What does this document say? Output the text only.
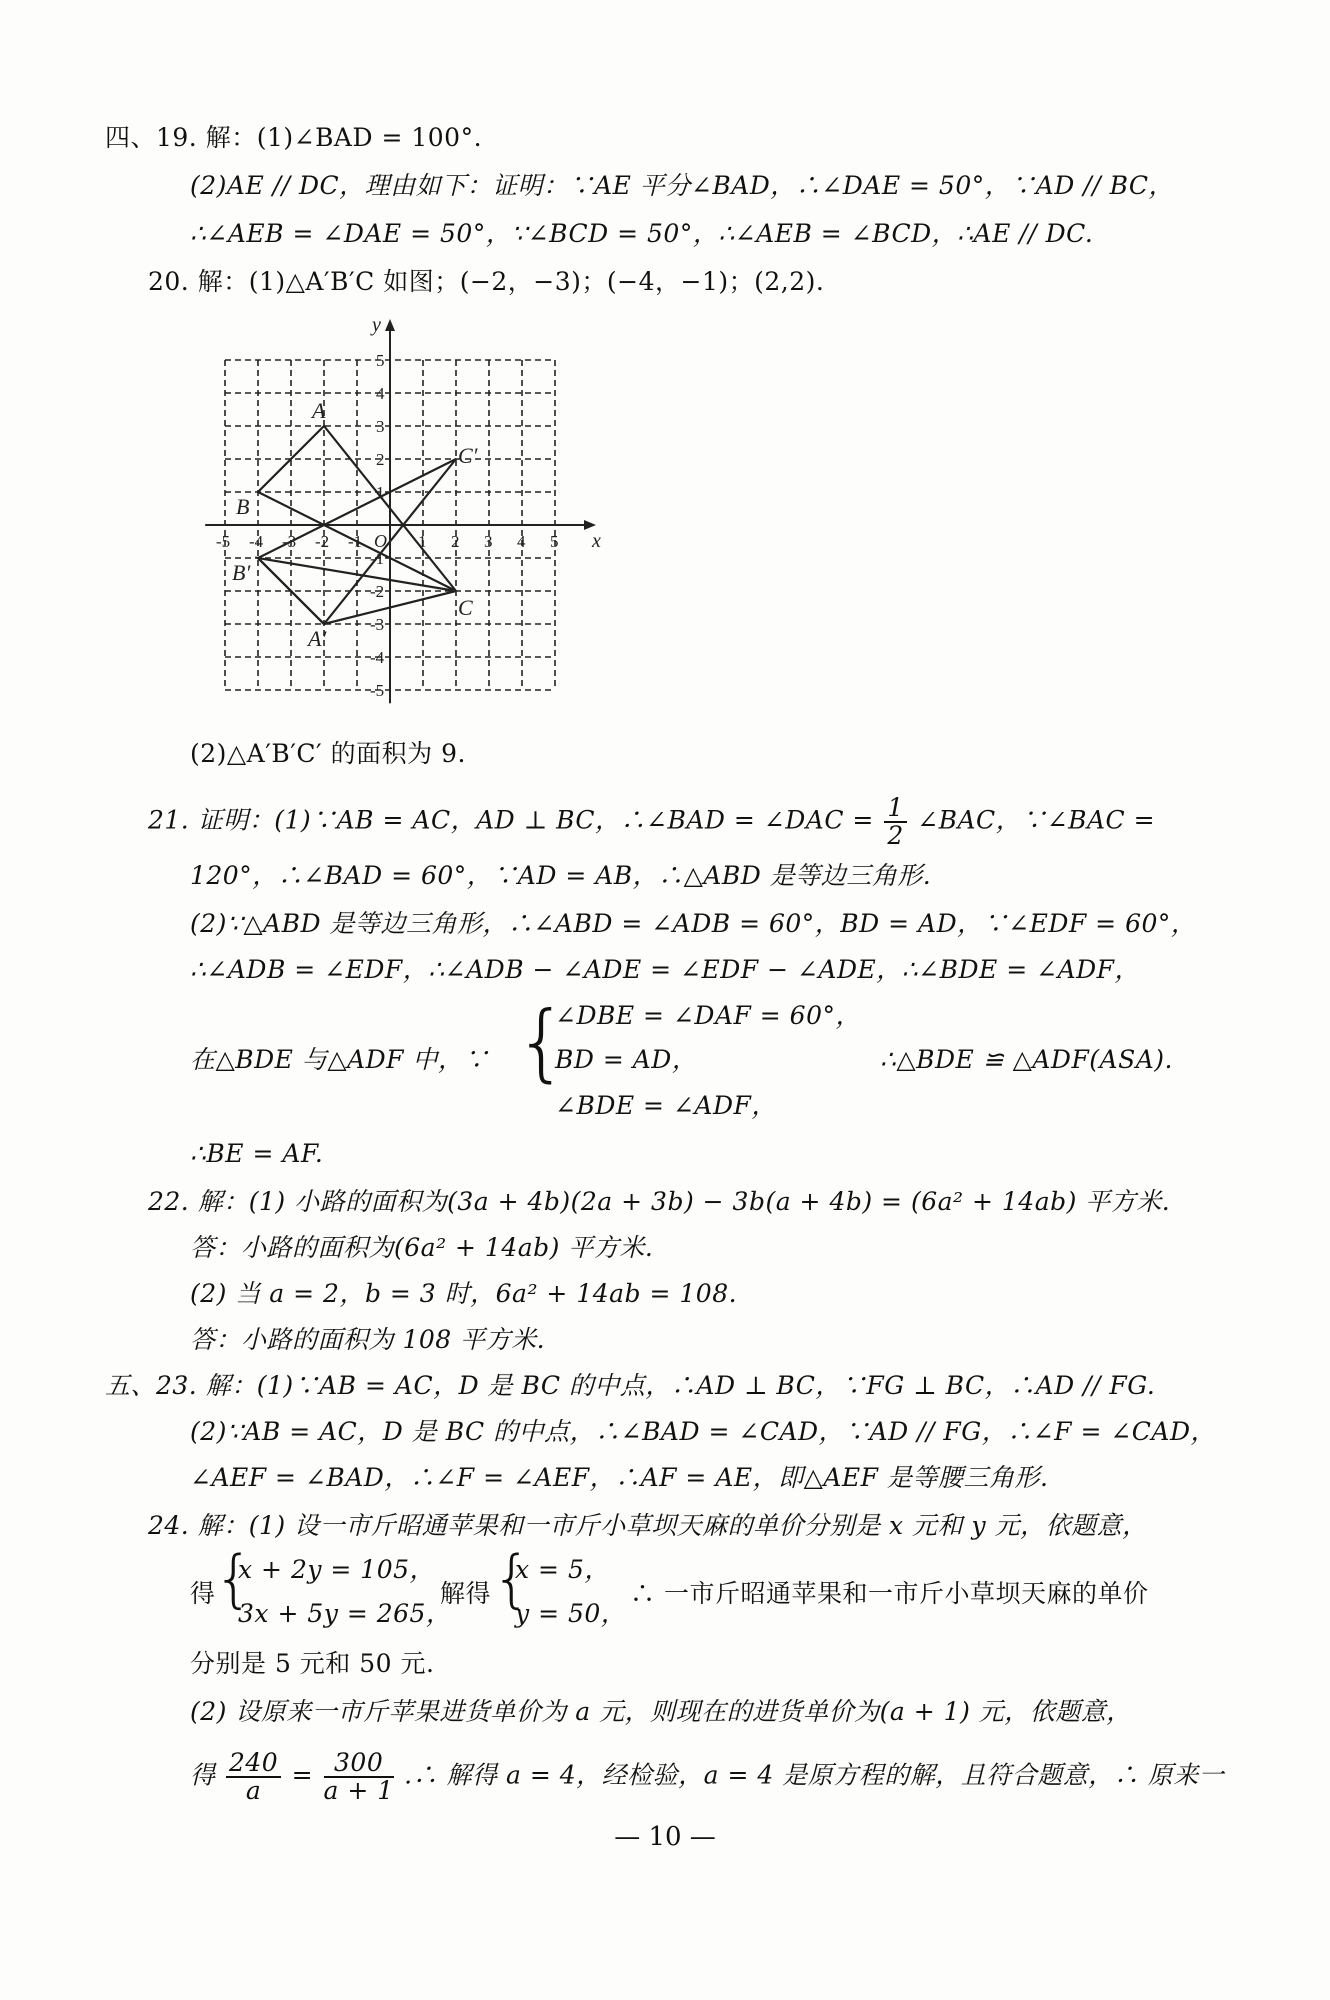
四、19. 解：(1)∠BAD = 100°.
(2)AE // DC，理由如下：证明：∵AE 平分∠BAD，∴∠DAE = 50°，∵AD // BC，
∴∠AEB = ∠DAE = 50°，∵∠BCD = 50°，∴∠AEB = ∠BCD，∴AE // DC.
20. 解：(1)△A′B′C 如图；(−2，−3)；(−4，−1)；(2,2).
x
y
O
-5 -4 -3 -2 -1	1 2 3 4 5
5
4
3
2
1
-1
-2
-3
-4
-5
A
B
C
A′
B′
C′
(2)△A′B′C′ 的面积为 9.
21. 证明：(1)∵AB = AC，AD ⊥ BC，∴∠BAD = ∠DAC = $\frac{1}{2}$ ∠BAC，∵∠BAC =
120°，∴∠BAD = 60°，∵AD = AB，∴△ABD 是等边三角形.
(2)∵△ABD 是等边三角形，∴∠ABD = ∠ADB = 60°，BD = AD，∵∠EDF = 60°，
∴∠ADB = ∠EDF，∴∠ADB − ∠ADE = ∠EDF − ∠ADE，∴∠BDE = ∠ADF，
在△BDE 与△ADF 中，∵ {
∠DBE = ∠DAF = 60°，
BD = AD，
∠BDE = ∠ADF，
∴△BDE ≌ △ADF(ASA).
∴BE = AF.
22. 解：(1) 小路的面积为(3a + 4b)(2a + 3b) − 3b(a + 4b) = (6a² + 14ab) 平方米.
答：小路的面积为(6a² + 14ab) 平方米.
(2) 当 a = 2，b = 3 时，6a² + 14ab = 108.
答：小路的面积为 108 平方米.
五、23. 解：(1)∵AB = AC，D 是 BC 的中点，∴AD ⊥ BC，∵FG ⊥ BC，∴AD // FG.
(2)∵AB = AC，D 是 BC 的中点，∴∠BAD = ∠CAD，∵AD // FG，∴∠F = ∠CAD，
∠AEF = ∠BAD，∴∠F = ∠AEF，∴AF = AE，即△AEF 是等腰三角形.
24. 解：(1) 设一市斤昭通苹果和一市斤小草坝天麻的单价分别是 x 元和 y 元，依题意，
得
{
x + 2y = 105，
3x + 5y = 265，
解得 {
x = 5，
y = 50，
∴ 一市斤昭通苹果和一市斤小草坝天麻的单价
分别是 5 元和 50 元.
(2) 设原来一市斤苹果进货单价为 a 元，则现在的进货单价为(a + 1) 元，依题意，
得 $\frac{240}{a} = \frac{300}{a + 1}$ .∴ 解得 a = 4，经检验，a = 4 是原方程的解，且符合题意，∴ 原来一
— 10 —
